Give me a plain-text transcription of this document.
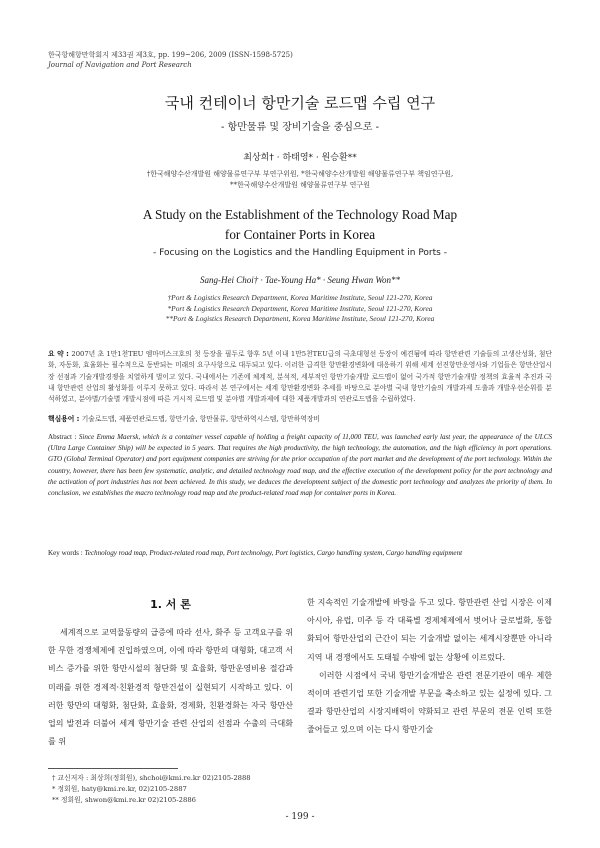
한국항해항만학회지 제33권 제3호, pp. 199~206, 2009 (ISSN-1598-5725)
Journal of Navigation and Port Research
국내 컨테이너 항만기술 로드맵 수립 연구
- 항만물류 및 장비기술을 중심으로 -
최상희† · 하태영* · 원승환**
†한국해양수산개발원 해양물류연구부 부연구위원, *한국해양수산개발원 해양물류연구부 책임연구원,
**한국해양수산개발원 해양물류연구부 연구원
A Study on the Establishment of the Technology Road Map
for Container Ports in Korea
- Focusing on the Logistics and the Handling Equipment in Ports -
Sang-Hei Choi† · Tae-Young Ha* · Seung Hwan Won**
†Port & Logistics Research Department, Korea Maritime Institute, Seoul 121-270, Korea
*Port & Logistics Research Department, Korea Maritime Institute, Seoul 121-270, Korea
**Port & Logistics Research Department, Korea Maritime Institute, Seoul 121-270, Korea
요 약 : 2007년 초 1만1천TEU 엠마머스크호의 첫 등장을 필두로 향후 5년 이내 1만5천TEU급의 극초대형선 등장이 예견됨에 따라 항만관련 기술들의 고생산성화, 첨단화, 자동화, 효율화는 필수적으로 동반되는 미래의 요구사항으로 대두되고 있다. 이러한 급격한 항만환경변화에 대응하기 위해 세계 선진항만운영사와 기업들은 항만산업시장 선점과 기술개발경쟁을 치열하게 벌이고 있다. 국내에서는 기존에 체계적, 분석적, 세부적인 항만기술개발 로드맵이 없어 국가적 항만기술개발 정책의 효율적 추진과 국내 항만관련 산업의 활성화를 이루지 못하고 있다. 따라서 본 연구에서는 세계 항만환경변화 추세를 바탕으로 분야별 국내 항만기술의 개발과제 도출과 개발우선순위를 분석하였고, 분야별/기술별 개발시점에 따른 거시적 로드맵 및 분야별 개발과제에 대한 제품개발과의 연관로드맵을 수립하였다.
핵심용어 : 기술로드맵, 제품연관로드맵, 항만기술, 항만물류, 항만하역시스템, 항만하역장비
Abstract : Since Emma Maersk, which is a container vessel capable of holding a freight capacity of 11,000 TEU, was launched early last year, the appearance of the ULCS (Ultra Large Container Ship) will be expected in 5 years. That requires the high productivity, the high technology, the automation, and the high efficiency in port operations. GTO (Global Terminal Operator) and port equipment companies are striving for the prior occupation of the port market and the development of the port technology. Within the country, however, there has been few systematic, analytic, and detailed technology road map, and the effective execution of the development policy for the port technology and the activation of port industries has not been achieved. In this study, we deduces the development subject of the domestic port technology and analyzes the priority of them. In conclusion, we establishes the macro technology road map and the product-related road map for container ports in Korea.
Key words : Technology road map, Product-related road map, Port technology, Port logistics, Cargo handling system, Cargo handling equipment
1. 서 론

세계적으로 교역물동량의 급증에 따라 선사, 화주 등 고객요구를 위한 무한 경쟁체제에 진입하였으며, 이에 따라 항만의 대형화, 대고객 서비스 증가를 위한 항만시설의 첨단화 및 효율화, 항만운영비용 절감과 미래를 위한 경제적·친환경적 항만건설이 실현되기 시작하고 있다. 이러한 항만의 대형화, 첨단화, 효율화, 경제화, 친환경화는 자국 항만산업의 발전과 더불어 세계 항만기술 관련 산업의 선점과 수출의 극대화를 위

한 지속적인 기술개발에 바탕을 두고 있다. 항만관련 산업 시장은 이제 아시아, 유럽, 미주 등 각 대륙별 경제체제에서 벗어나 글로벌화, 통합화되어 항만산업의 근간이 되는 기술개발 없이는 세계시장뿐만 아니라 지역 내 경쟁에서도 도태될 수밖에 없는 상황에 이르렀다.

이러한 시점에서 국내 항만기술개발은 관련 전문기관이 매우 제한적이며 관련기업 또한 기술개발 부문을 축소하고 있는 실정에 있다. 그 결과 항만산업의 시장지배력이 약화되고 관련 부문의 전문 인력 또한 줄어들고 있으며 이는 다시 항만기술

† 교신저자 : 최상희(정회원), shchoi@kmi.re.kr 02)2105-2888
* 정회원, haty@kmi.re.kr, 02)2105-2887
** 정회원, shwon@kmi.re.kr 02)2105-2886
- 199 -
